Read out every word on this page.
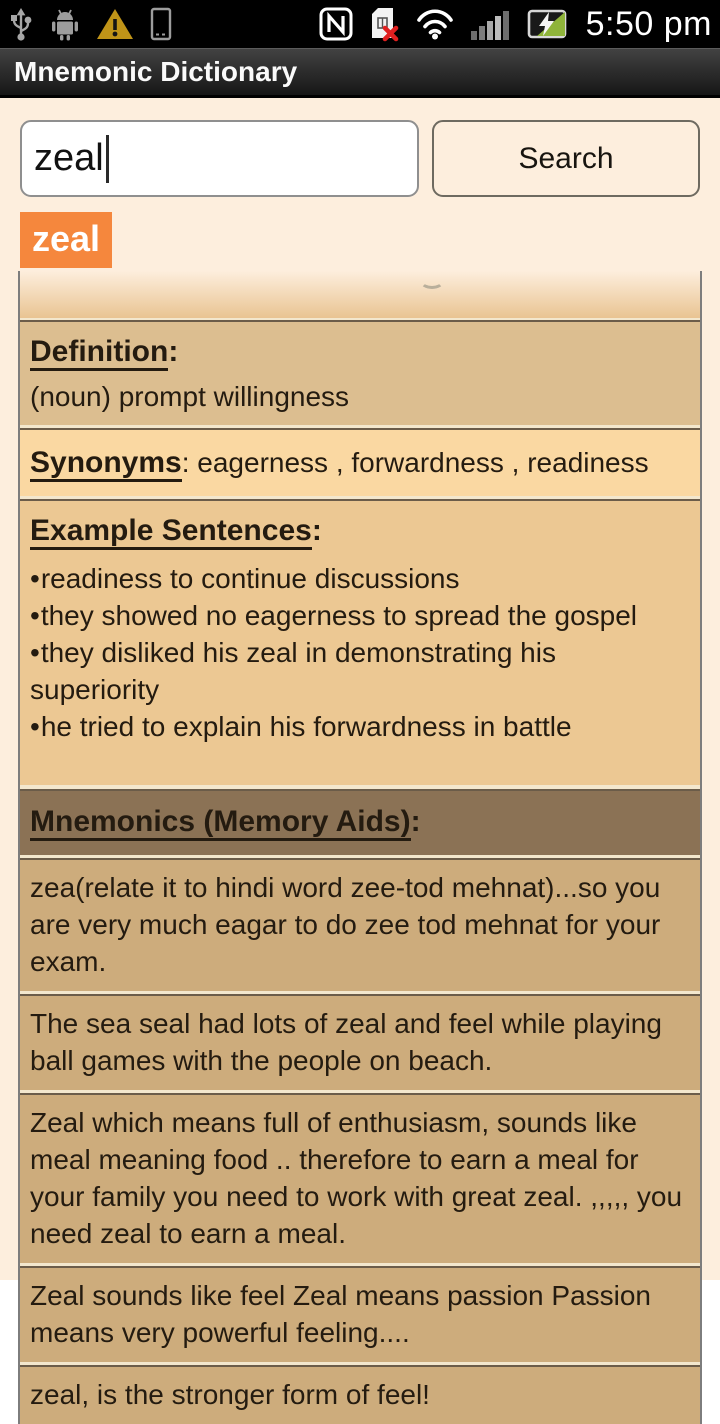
5:50 pm
Mnemonic Dictionary
zeal
Search
zeal
Definition:
(noun) prompt willingness
Synonyms: eagerness , forwardness , readiness
Example Sentences:
•readiness to continue discussions
•they showed no eagerness to spread the gospel
•they disliked his zeal in demonstrating his superiority
•he tried to explain his forwardness in battle
Mnemonics (Memory Aids):
zea(relate it to hindi word zee-tod mehnat)...so you are very much eagar to do zee tod mehnat for your exam.
The sea seal had lots of zeal and feel while playing ball games with the people on beach.
Zeal which means full of enthusiasm, sounds like meal meaning food .. therefore to earn a meal for your family you need to work with great zeal. ,,,,, you need zeal to earn a meal.
Zeal sounds like feel Zeal means passion Passion means very powerful feeling....
zeal, is the stronger form of feel!
